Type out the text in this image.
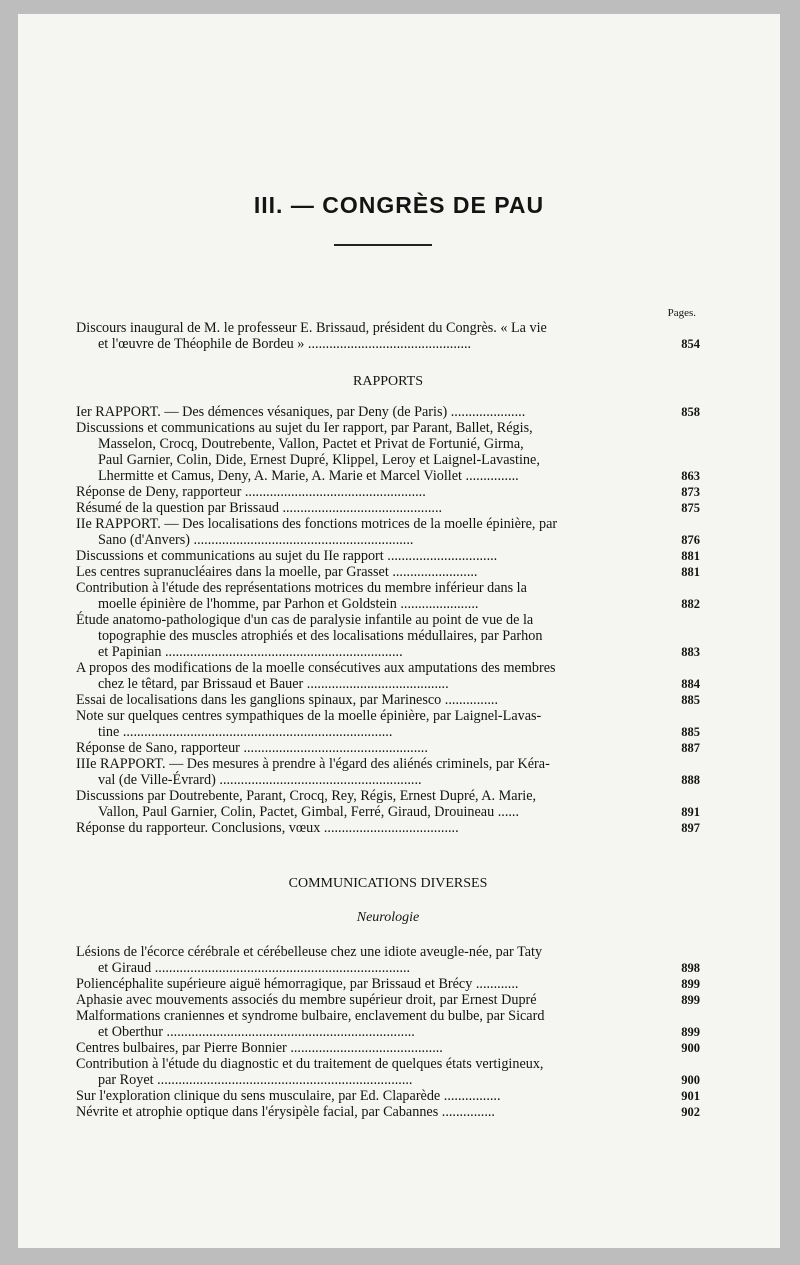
III. — CONGRÈS DE PAU
Pages.
Discours inaugural de M. le professeur E. Brissaud, président du Congrès. « La vie
et l'œuvre de Théophile de Bordeu » ..............................................	854
RAPPORTS
Ier RAPPORT. — Des démences vésaniques, par Deny (de Paris) .....................	858
Discussions et communications au sujet du Ier rapport, par Parant, Ballet, Régis,
Masselon, Crocq, Doutrebente, Vallon, Pactet et Privat de Fortunié, Girma,
Paul Garnier, Colin, Dide, Ernest Dupré, Klippel, Leroy et Laignel-Lavastine,
Lhermitte et Camus, Deny, A. Marie, A. Marie et Marcel Viollet ...............	863
Réponse de Deny, rapporteur ...................................................	873
Résumé de la question par Brissaud .............................................	875
IIe RAPPORT. — Des localisations des fonctions motrices de la moelle épinière, par
Sano (d'Anvers) ..............................................................	876
Discussions et communications au sujet du IIe rapport ...............................	881
Les centres supranucléaires dans la moelle, par Grasset ........................	881
Contribution à l'étude des représentations motrices du membre inférieur dans la
moelle épinière de l'homme, par Parhon et Goldstein ......................	882
Étude anatomo-pathologique d'un cas de paralysie infantile au point de vue de la
topographie des muscles atrophiés et des localisations médullaires, par Parhon
et Papinian ...................................................................	883
A propos des modifications de la moelle consécutives aux amputations des membres
chez le têtard, par Brissaud et Bauer ........................................	884
Essai de localisations dans les ganglions spinaux, par Marinesco ...............	885
Note sur quelques centres sympathiques de la moelle épinière, par Laignel-Lavas-
tine ............................................................................	885
Réponse de Sano, rapporteur ....................................................	887
IIIe RAPPORT. — Des mesures à prendre à l'égard des aliénés criminels, par Kéra-
val (de Ville-Évrard) .........................................................	888
Discussions par Doutrebente, Parant, Crocq, Rey, Régis, Ernest Dupré, A. Marie,
Vallon, Paul Garnier, Colin, Pactet, Gimbal, Ferré, Giraud, Drouineau ......	891
Réponse du rapporteur. Conclusions, vœux ......................................	897
COMMUNICATIONS DIVERSES
Neurologie
Lésions de l'écorce cérébrale et cérébelleuse chez une idiote aveugle-née, par Taty
et Giraud ........................................................................	898
Poliencéphalite supérieure aiguë hémorragique, par Brissaud et Brécy ............	899
Aphasie avec mouvements associés du membre supérieur droit, par Ernest Dupré	899
Malformations craniennes et syndrome bulbaire, enclavement du bulbe, par Sicard
et Oberthur ......................................................................	899
Centres bulbaires, par Pierre Bonnier ...........................................	900
Contribution à l'étude du diagnostic et du traitement de quelques états vertigineux,
par Royet ........................................................................	900
Sur l'exploration clinique du sens musculaire, par Ed. Claparède ................	901
Névrite et atrophie optique dans l'érysipèle facial, par Cabannes ...............	902
